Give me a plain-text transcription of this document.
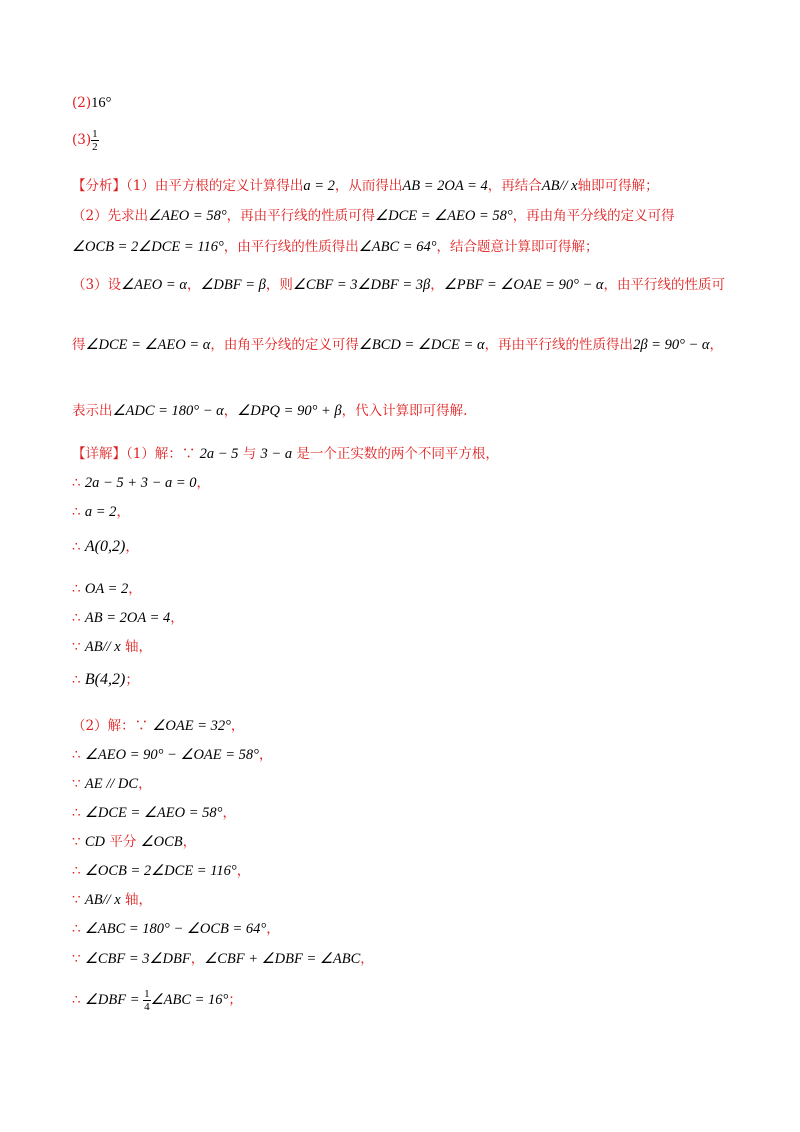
(2)16°
$(3) \frac{1}{2}$
【分析】（1）由平方根的定义计算得出a = 2，从而得出AB = 2OA = 4，再结合AB// x轴即可得解；
（2）先求出∠AEO = 58°，再由平行线的性质可得∠DCE = ∠AEO = 58°，再由角平分线的定义可得
∠OCB = 2∠DCE = 116°，由平行线的性质得出∠ABC = 64°，结合题意计算即可得解；
（3）设∠AEO = α，∠DBF = β，则∠CBF = 3∠DBF = 3β，∠PBF = ∠OAE = 90° − α，由平行线的性质可
得∠DCE = ∠AEO = α，由角平分线的定义可得∠BCD = ∠DCE = α，再由平行线的性质得出2β = 90° − α，
表示出∠ADC = 180° − α，∠DPQ = 90° + β，代入计算即可得解.
【详解】（1）解：∵ 2a − 5 与 3 − a 是一个正实数的两个不同平方根，
∴ 2a − 5 + 3 − a = 0，
∴ a = 2，
∴ A(0,2)，
∴ OA = 2，
∴ AB = 2OA = 4，
∵ AB// x 轴，
∴ B(4,2)；
（2）解：∵ ∠OAE = 32°，
∴ ∠AEO = 90° − ∠OAE = 58°，
∵ AE // DC，
∴ ∠DCE = ∠AEO = 58°，
∵ CD 平分 ∠OCB，
∴ ∠OCB = 2∠DCE = 116°，
∵ AB// x 轴，
∴ ∠ABC = 180° − ∠OCB = 64°，
∵ ∠CBF = 3∠DBF，∠CBF + ∠DBF = ∠ABC，
∴ ∠DBF = $\frac{1}{4}$ ∠ABC = 16°；
